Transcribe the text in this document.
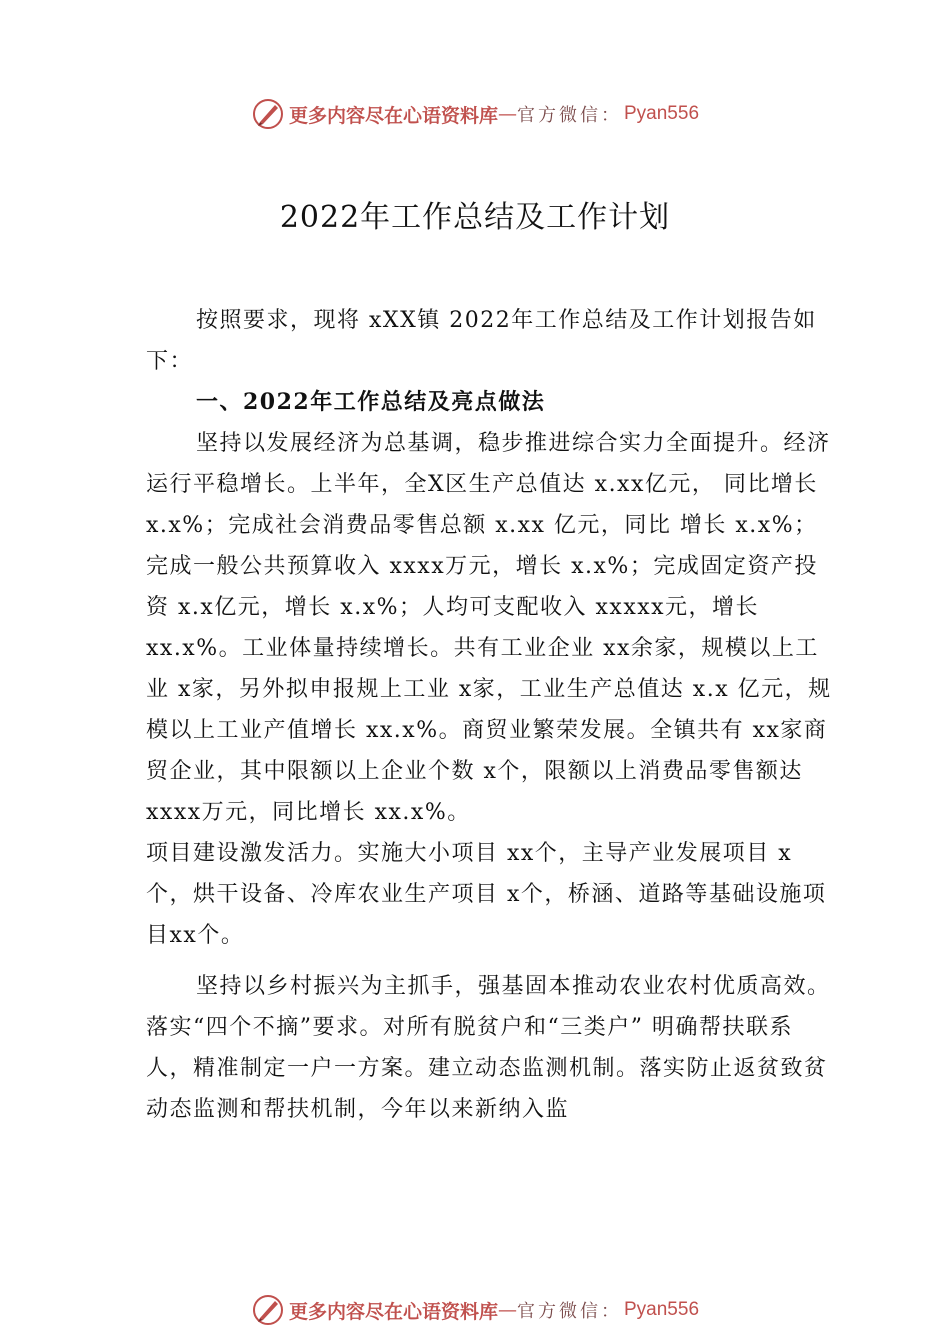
更多内容尽在心语资料库 — 官方微信： Pyan556
2022年工作总结及工作计划

按照要求，现将 xXX镇 2022年工作总结及工作计划报告如下：

一、2022年工作总结及亮点做法

坚持以发展经济为总基调，稳步推进综合实力全面提升。经济运行平稳增长。上半年，全X区生产总值达 x.xx亿元， 同比增长 x.x%；完成社会消费品零售总额 x.xx 亿元，同比 增长 x.x%；完成一般公共预算收入 xxxx万元，增长 x.x%；完成固定资产投资 x.x亿元，增长 x.x%；人均可支配收入 xxxxx元，增长 xx.x%。工业体量持续增长。共有工业企业 xx余家，规模以上工业 x家，另外拟申报规上工业 x家，工业生产总值达 x.x 亿元，规模以上工业产值增长 xx.x%。商贸业繁荣发展。全镇共有 xx家商贸企业，其中限额以上企业个数 x个，限额以上消费品零售额达 xxxx万元，同比增长 xx.x%。

项目建设激发活力。实施大小项目 xx个，主导产业发展项目 x个，烘干设备、冷库农业生产项目 x个，桥涵、道路等基础设施项目xx个。

坚持以乡村振兴为主抓手，强基固本推动农业农村优质高效。落实“四个不摘”要求。对所有脱贫户和“三类户” 明确帮扶联系人，精准制定一户一方案。建立动态监测机制。落实防止返贫致贫动态监测和帮扶机制，今年以来新纳入监

更多内容尽在心语资料库 — 官方微信： Pyan556
